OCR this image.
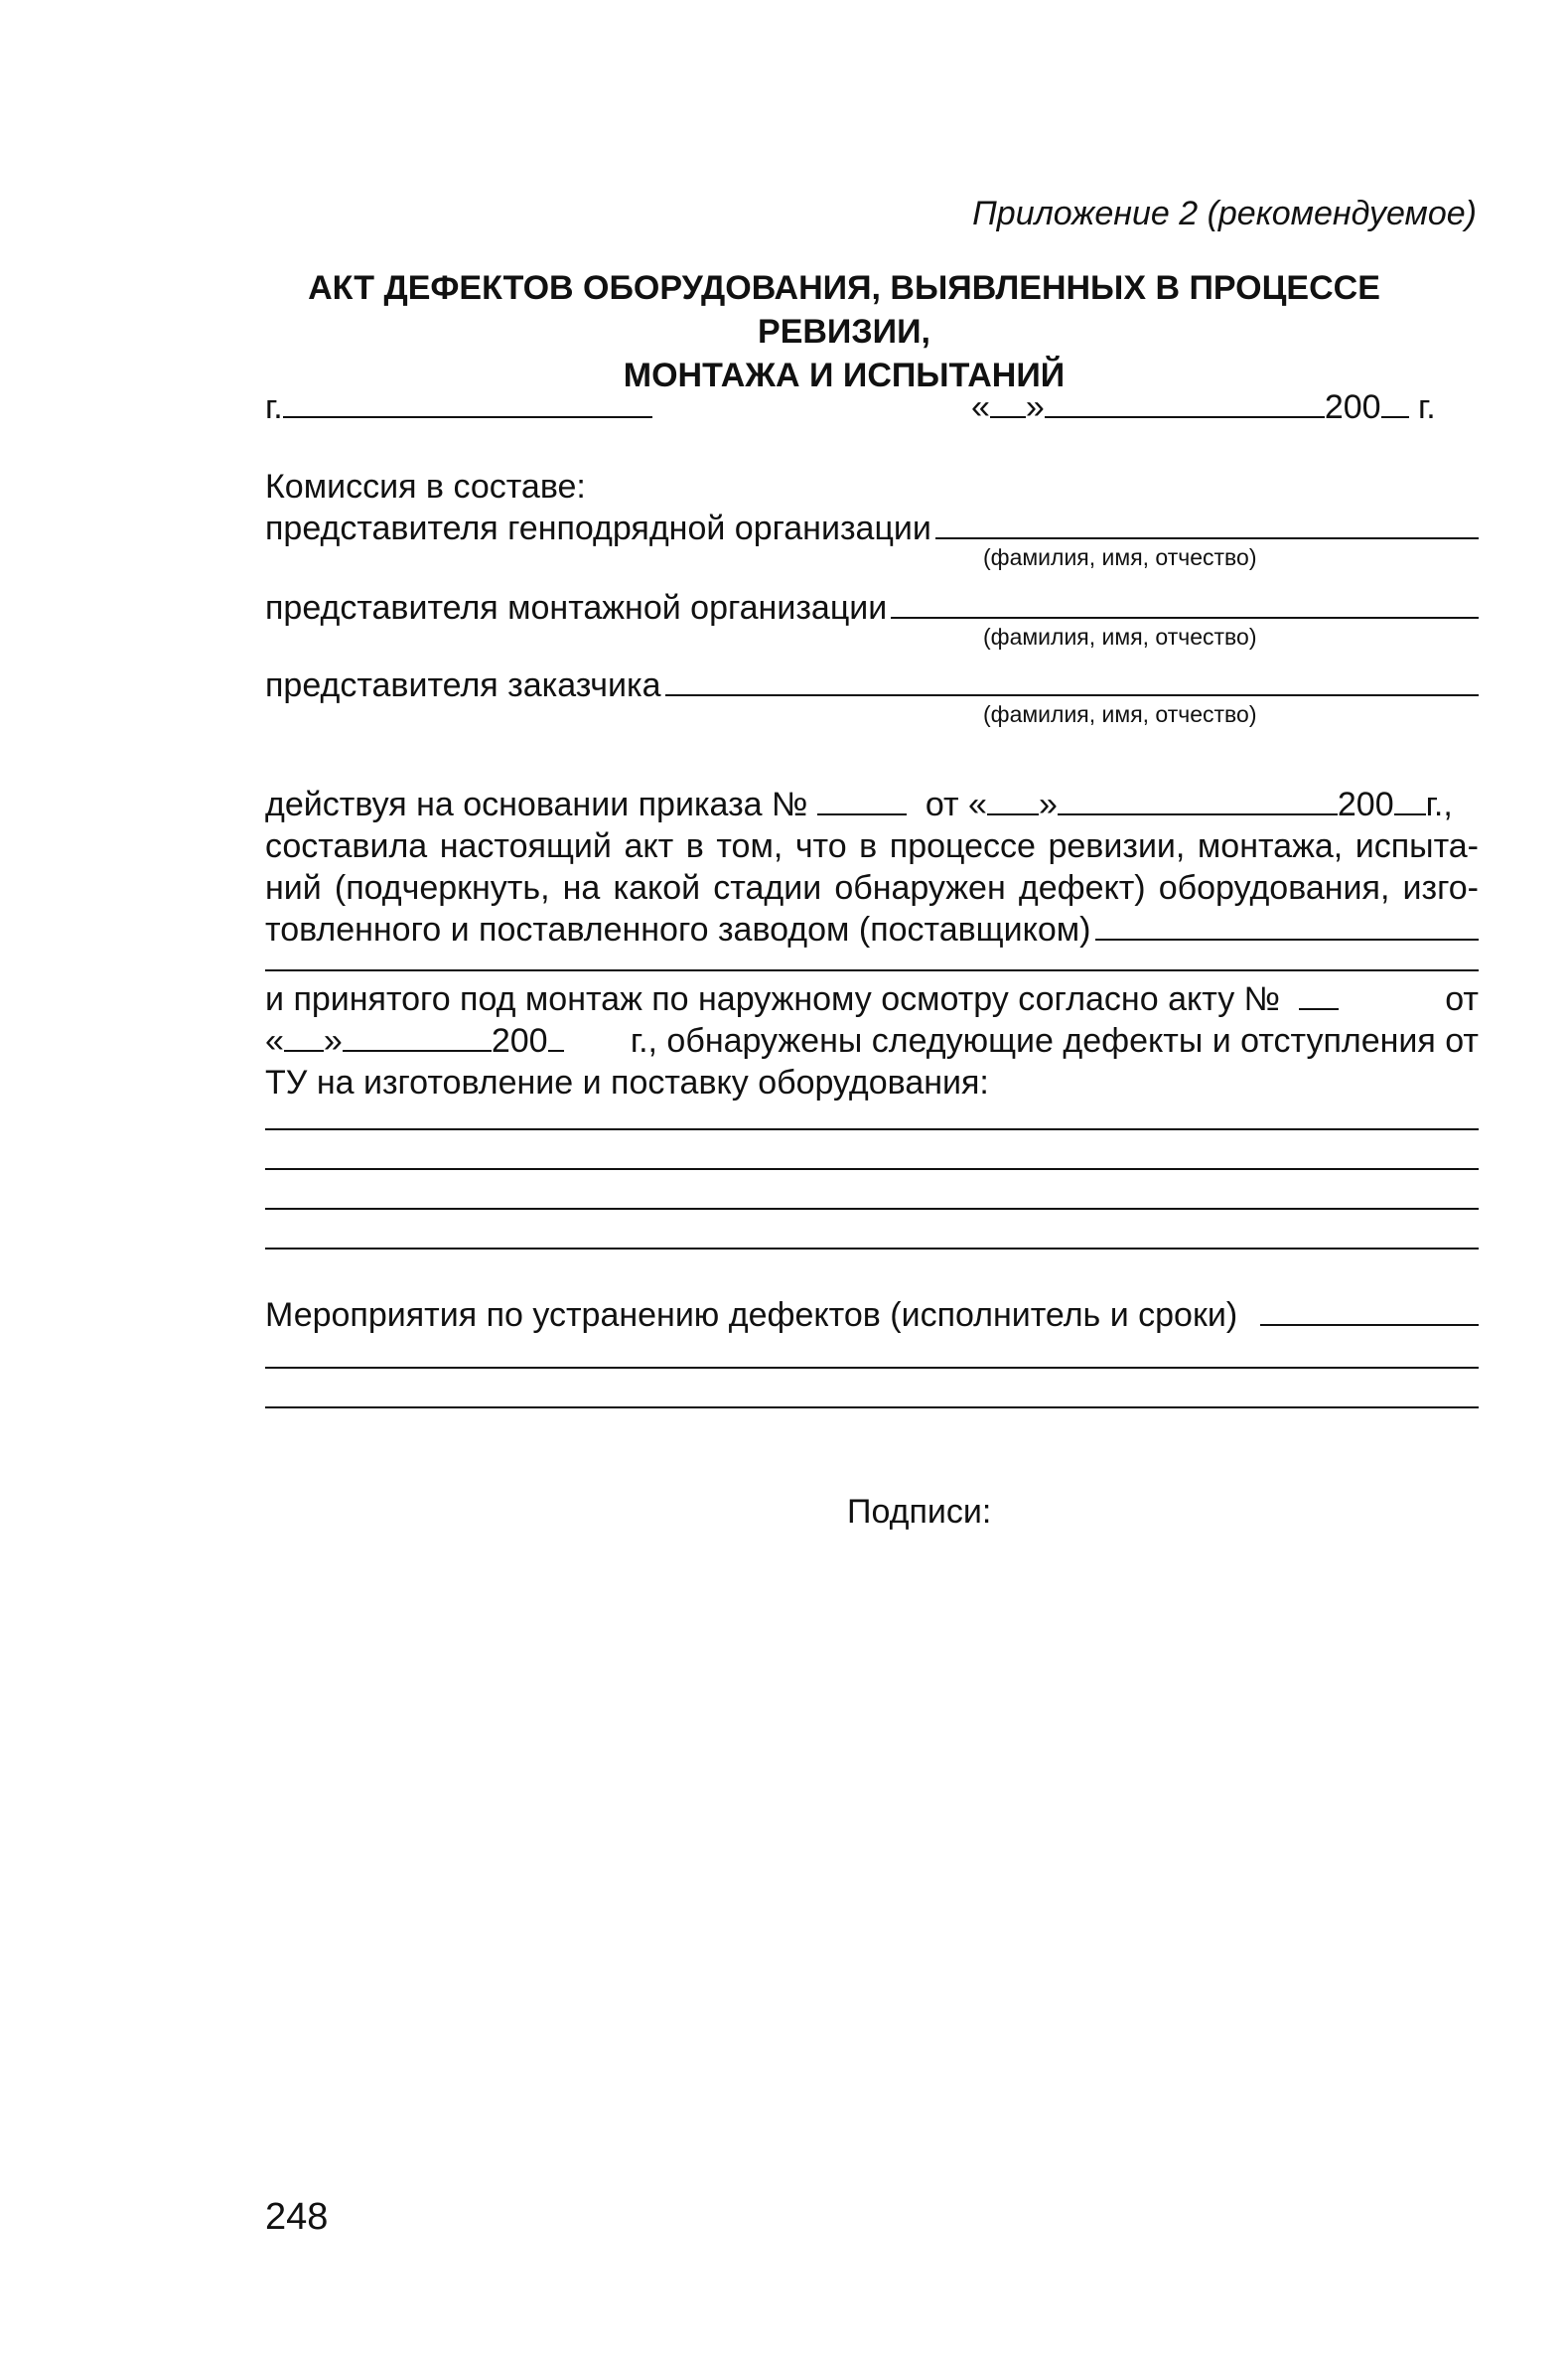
Приложение 2 (рекомендуемое)
АКТ ДЕФЕКТОВ ОБОРУДОВАНИЯ, ВЫЯВЛЕННЫХ В ПРОЦЕССЕ РЕВИЗИИ,
МОНТАЖА И ИСПЫТАНИЙ
г.	« »	200 г.
Комиссия в составе:
представителя генподрядной организации
(фамилия, имя, отчество)
представителя монтажной организации
(фамилия, имя, отчество)
представителя заказчика
(фамилия, имя, отчество)
действуя на основании приказа №	от « »	200 г.,
составила настоящий акт в том, что в процессе ревизии, монтажа, испыта-
ний (подчеркнуть, на какой стадии обнаружен дефект) оборудования, изго-
товленного и поставленного заводом (поставщиком)
и принятого под монтаж по наружному осмотру согласно акту №	от
« »	200	г., обнаружены следующие дефекты и отступления от
ТУ на изготовление и поставку оборудования:
Мероприятия по устранению дефектов (исполнитель и сроки)

Подписи:
248
